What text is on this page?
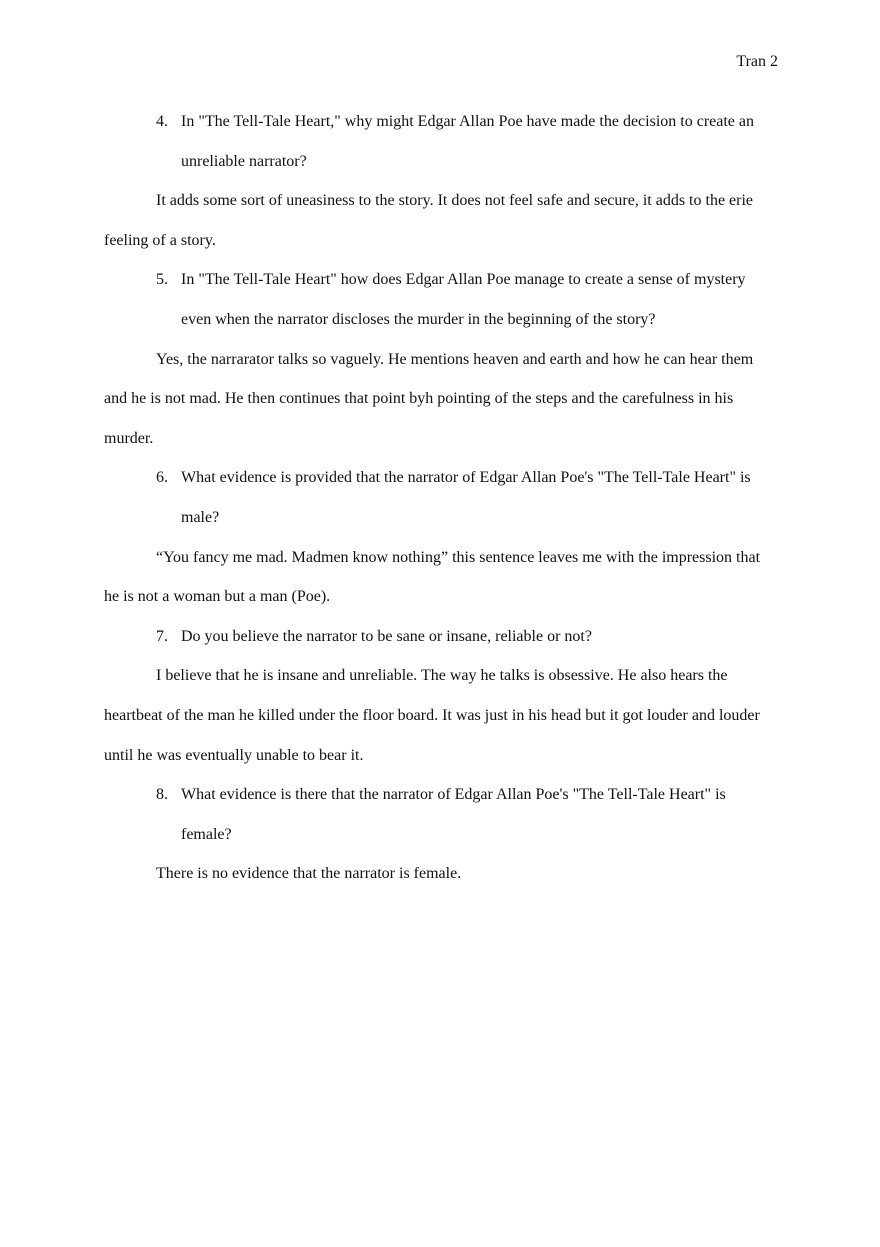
Tran 2

4. In "The Tell-Tale Heart," why might Edgar Allan Poe have made the decision to create an unreliable narrator?

It adds some sort of uneasiness to the story. It does not feel safe and secure, it adds to the erie feeling of a story.

5. In "The Tell-Tale Heart" how does Edgar Allan Poe manage to create a sense of mystery even when the narrator discloses the murder in the beginning of the story?

Yes, the narrarator talks so vaguely. He mentions heaven and earth and how he can hear them and he is not mad. He then continues that point byh pointing of the steps and the carefulness in his murder.

6. What evidence is provided that the narrator of Edgar Allan Poe's "The Tell-Tale Heart" is male?

“You fancy me mad. Madmen know nothing” this sentence leaves me with the impression that he is not a woman but a man (Poe).

7. Do you believe the narrator to be sane or insane, reliable or not?

I believe that he is insane and unreliable. The way he talks is obsessive. He also hears the heartbeat of the man he killed under the floor board. It was just in his head but it got louder and louder until he was eventually unable to bear it.

8. What evidence is there that the narrator of Edgar Allan Poe's "The Tell-Tale Heart" is female?

There is no evidence that the narrator is female.
